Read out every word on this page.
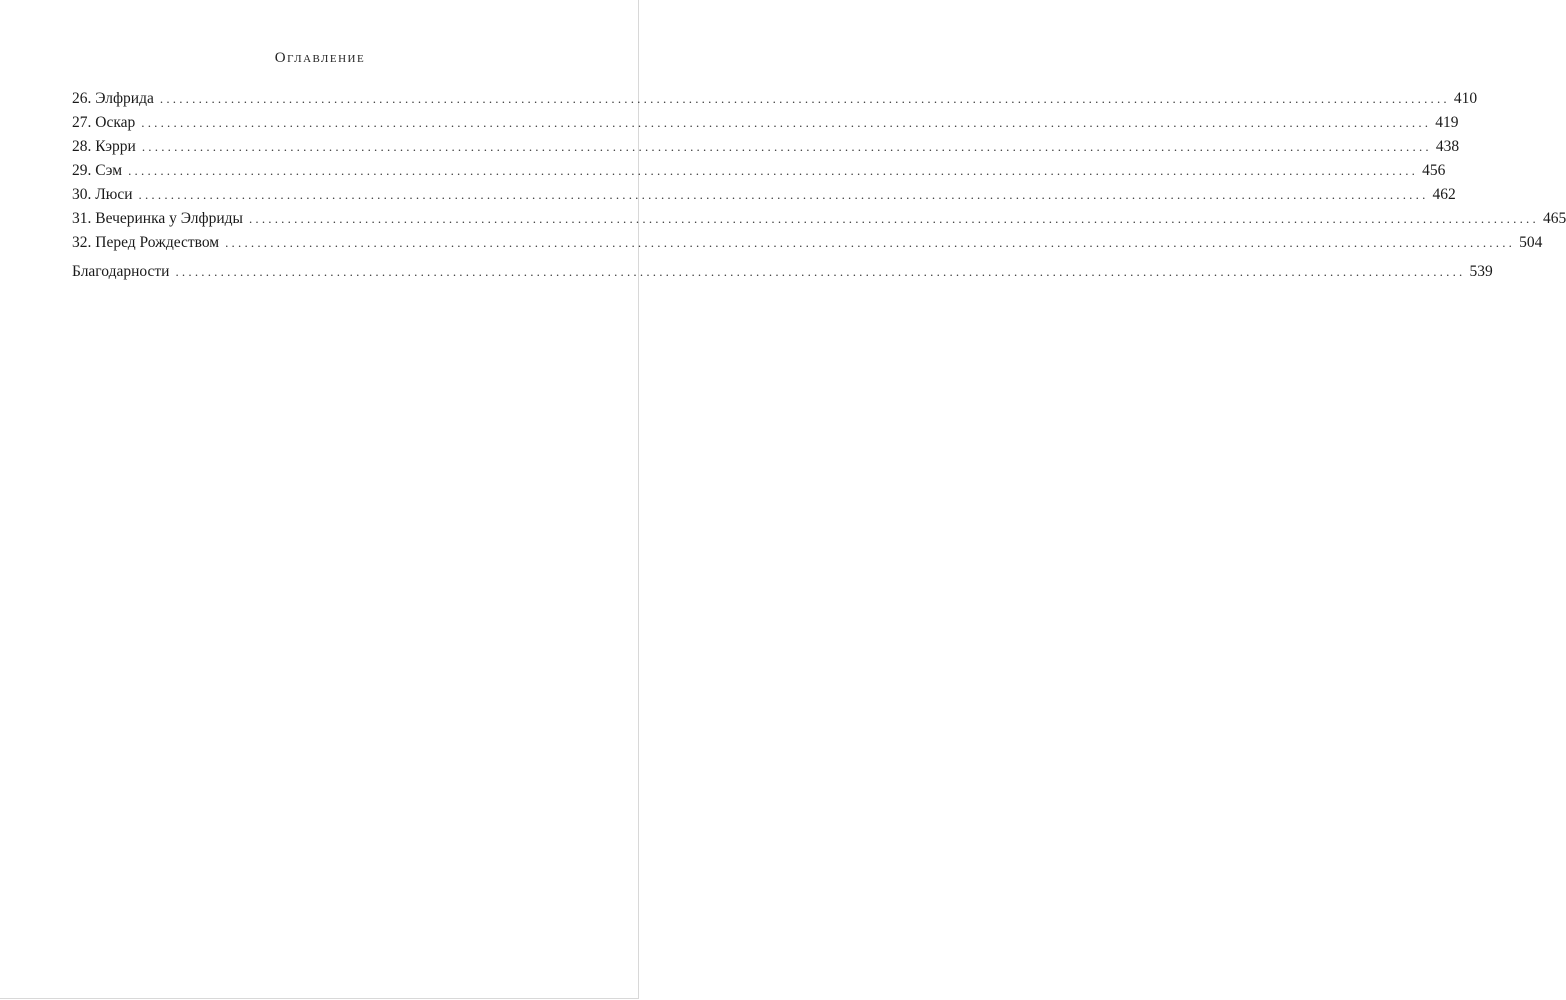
Оглавление
26. Элфрида ........................................................................................................................................................................................................ 410
27. Оскар ........................................................................................................................................................................................................ 419
28. Кэрри ........................................................................................................................................................................................................ 438
29. Сэм ........................................................................................................................................................................................................ 456
30. Люси ........................................................................................................................................................................................................ 462
31. Вечеринка у Элфриды ........................................................................................................................................................................................................ 465
32. Перед Рождеством ........................................................................................................................................................................................................ 504
Благодарности ........................................................................................................................................................................................................ 539
